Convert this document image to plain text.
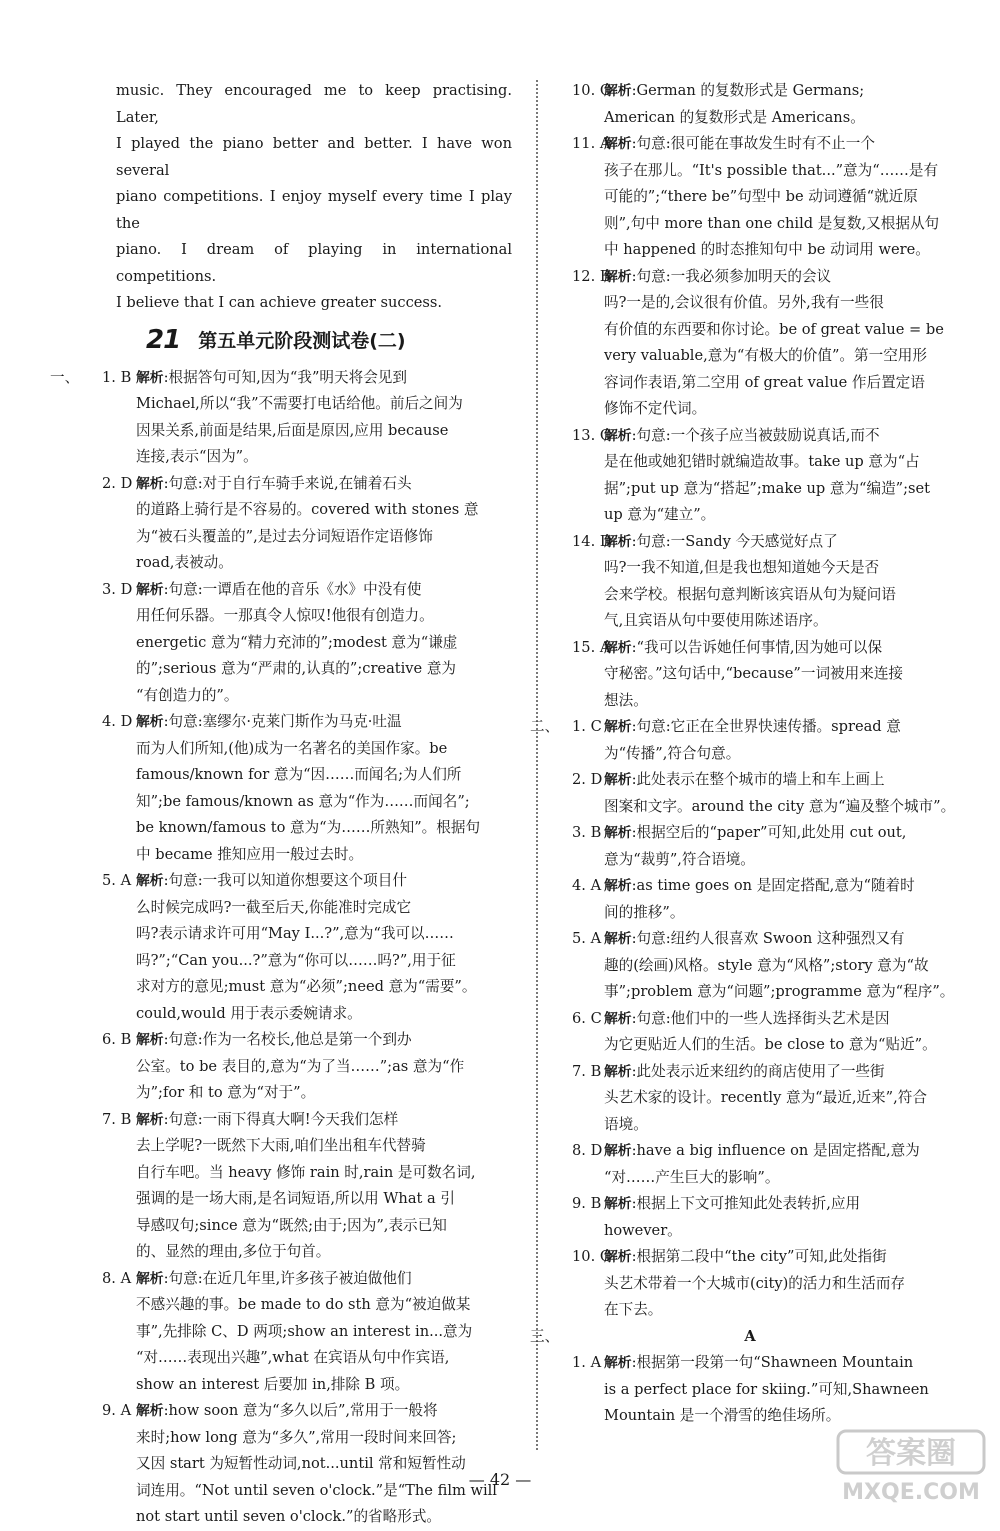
music. They encouraged me to keep practising. Later,

I played the piano better and better. I have won several

piano competitions. I enjoy myself every time I play the

piano. I dream of playing in international competitions.

I believe that I can achieve greater success.

21 第五单元阶段测试卷(二)
一、 1. B 解析:根据答句可知,因为“我”明天将会见到

Michael,所以“我”不需要打电话给他。前后之间为

因果关系,前面是结果,后面是原因,应用 because

连接,表示“因为”。

2. D 解析:句意:对于自行车骑手来说,在铺着石头

的道路上骑行是不容易的。covered with stones 意

为“被石头覆盖的”,是过去分词短语作定语修饰

road,表被动。

3. D 解析:句意:一谭盾在他的音乐《水》中没有使

用任何乐器。一那真令人惊叹!他很有创造力。

energetic 意为“精力充沛的”;modest 意为“谦虚

的”;serious 意为“严肃的,认真的”;creative 意为

“有创造力的”。

4. D 解析:句意:塞缪尔·克莱门斯作为马克·吐温

而为人们所知,(他)成为一名著名的美国作家。be

famous/known for 意为“因……而闻名;为人们所

知”;be famous/known as 意为“作为……而闻名”;

be known/famous to 意为“为……所熟知”。根据句

中 became 推知应用一般过去时。

5. A 解析:句意:一我可以知道你想要这个项目什

么时候完成吗?一截至后天,你能准时完成它

吗?表示请求许可用“May I...?”,意为“我可以……

吗?”;“Can you...?”意为“你可以……吗?”,用于征

求对方的意见;must 意为“必须”;need 意为“需要”。

could,would 用于表示委婉请求。

6. B 解析:句意:作为一名校长,他总是第一个到办

公室。to be 表目的,意为“为了当……”;as 意为“作

为”;for 和 to 意为“对于”。

7. B 解析:句意:一雨下得真大啊!今天我们怎样

去上学呢?一既然下大雨,咱们坐出租车代替骑

自行车吧。当 heavy 修饰 rain 时,rain 是可数名词,

强调的是一场大雨,是名词短语,所以用 What a 引

导感叹句;since 意为“既然;由于;因为”,表示已知

的、显然的理由,多位于句首。

8. A 解析:句意:在近几年里,许多孩子被迫做他们

不感兴趣的事。be made to do sth 意为“被迫做某

事”,先排除 C、D 两项;show an interest in...意为

“对……表现出兴趣”,what 在宾语从句中作宾语,

show an interest 后要加 in,排除 B 项。

9. A 解析:how soon 意为“多久以后”,常用于一般将

来时;how long 意为“多久”,常用一段时间来回答;

又因 start 为短暂性动词,not...until 常和短暂性动

词连用。“Not until seven o'clock.”是“The film will

not start until seven o'clock.”的省略形式。

10. C

解析:German 的复数形式是 Germans;

American 的复数形式是 Americans。

11. A

解析:句意:很可能在事故发生时有不止一个

孩子在那儿。“It's possible that...”意为“……是有

可能的”;“there be”句型中 be 动词遵循“就近原

则”,句中 more than one child 是复数,又根据从句

中 happened 的时态推知句中 be 动词用 were。

12. B

解析:句意:一我必须参加明天的会议

吗?一是的,会议很有价值。另外,我有一些很

有价值的东西要和你讨论。be of great value = be

very valuable,意为“有极大的价值”。第一空用形

容词作表语,第二空用 of great value 作后置定语

修饰不定代词。

13. C

解析:句意:一个孩子应当被鼓励说真话,而不

是在他或她犯错时就编造故事。take up 意为“占

据”;put up 意为“搭起”;make up 意为“编造”;set

up 意为“建立”。

14. D

解析:句意:一Sandy 今天感觉好点了

吗?一我不知道,但是我也想知道她今天是否

会来学校。根据句意判断该宾语从句为疑问语

气,且宾语从句中要使用陈述语序。

15. A

解析:“我可以告诉她任何事情,因为她可以保

守秘密。”这句话中,“because”一词被用来连接

想法。

二、 1. C 解析:句意:它正在全世界快速传播。spread 意

为“传播”,符合句意。

2. D 解析:此处表示在整个城市的墙上和车上画上

图案和文字。around the city 意为“遍及整个城市”。

3. B 解析:根据空后的“paper”可知,此处用 cut out,

意为“裁剪”,符合语境。

4. A 解析:as time goes on 是固定搭配,意为“随着时

间的推移”。

5. A 解析:句意:纽约人很喜欢 Swoon 这种强烈又有

趣的(绘画)风格。style 意为“风格”;story 意为“故

事”;problem 意为“问题”;programme 意为“程序”。

6. C 解析:句意:他们中的一些人选择街头艺术是因

为它更贴近人们的生活。be close to 意为“贴近”。

7. B 解析:此处表示近来纽约的商店使用了一些街

头艺术家的设计。recently 意为“最近,近来”,符合

语境。

8. D 解析:have a big influence on 是固定搭配,意为

“对……产生巨大的影响”。

9. B 解析:根据上下文可推知此处表转折,应用

however。

10. C

解析:根据第二段中“the city”可知,此处指街

头艺术带着一个大城市(city)的活力和生活而存

在下去。

三、	A
1. A 解析:根据第一段第一句“Shawneen Mountain

is a perfect place for skiing.”可知,Shawneen

Mountain 是一个滑雪的绝佳场所。

— 42 —
答案圈
MXQE.COM
